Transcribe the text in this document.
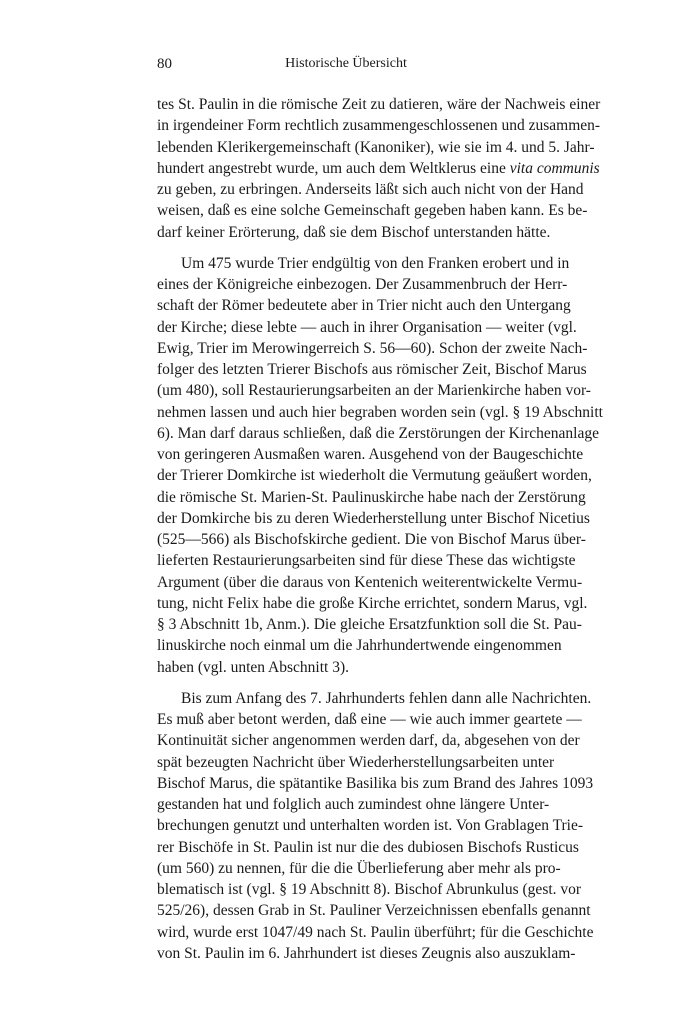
80	Historische Übersicht
tes St. Paulin in die römische Zeit zu datieren, wäre der Nachweis einer
in irgendeiner Form rechtlich zusammengeschlossenen und zusammen-
lebenden Klerikergemeinschaft (Kanoniker), wie sie im 4. und 5. Jahr-
hundert angestrebt wurde, um auch dem Weltklerus eine vita communis
zu geben, zu erbringen. Anderseits läßt sich auch nicht von der Hand
weisen, daß es eine solche Gemeinschaft gegeben haben kann. Es be-
darf keiner Erörterung, daß sie dem Bischof unterstanden hätte.
Um 475 wurde Trier endgültig von den Franken erobert und in
eines der Königreiche einbezogen. Der Zusammenbruch der Herr-
schaft der Römer bedeutete aber in Trier nicht auch den Untergang
der Kirche; diese lebte — auch in ihrer Organisation — weiter (vgl.
Ewig, Trier im Merowingerreich S. 56—60). Schon der zweite Nach-
folger des letzten Trierer Bischofs aus römischer Zeit, Bischof Marus
(um 480), soll Restaurierungsarbeiten an der Marienkirche haben vor-
nehmen lassen und auch hier begraben worden sein (vgl. § 19 Abschnitt
6). Man darf daraus schließen, daß die Zerstörungen der Kirchenanlage
von geringeren Ausmaßen waren. Ausgehend von der Baugeschichte
der Trierer Domkirche ist wiederholt die Vermutung geäußert worden,
die römische St. Marien-St. Paulinuskirche habe nach der Zerstörung
der Domkirche bis zu deren Wiederherstellung unter Bischof Nicetius
(525—566) als Bischofskirche gedient. Die von Bischof Marus über-
lieferten Restaurierungsarbeiten sind für diese These das wichtigste
Argument (über die daraus von Kentenich weiterentwickelte Vermu-
tung, nicht Felix habe die große Kirche errichtet, sondern Marus, vgl.
§ 3 Abschnitt 1b, Anm.). Die gleiche Ersatzfunktion soll die St. Pau-
linuskirche noch einmal um die Jahrhundertwende eingenommen
haben (vgl. unten Abschnitt 3).
Bis zum Anfang des 7. Jahrhunderts fehlen dann alle Nachrichten.
Es muß aber betont werden, daß eine — wie auch immer geartete —
Kontinuität sicher angenommen werden darf, da, abgesehen von der
spät bezeugten Nachricht über Wiederherstellungsarbeiten unter
Bischof Marus, die spätantike Basilika bis zum Brand des Jahres 1093
gestanden hat und folglich auch zumindest ohne längere Unter-
brechungen genutzt und unterhalten worden ist. Von Grablagen Trie-
rer Bischöfe in St. Paulin ist nur die des dubiosen Bischofs Rusticus
(um 560) zu nennen, für die die Überlieferung aber mehr als pro-
blematisch ist (vgl. § 19 Abschnitt 8). Bischof Abrunkulus (gest. vor
525/26), dessen Grab in St. Pauliner Verzeichnissen ebenfalls genannt
wird, wurde erst 1047/49 nach St. Paulin überführt; für die Geschichte
von St. Paulin im 6. Jahrhundert ist dieses Zeugnis also auszuklam-
